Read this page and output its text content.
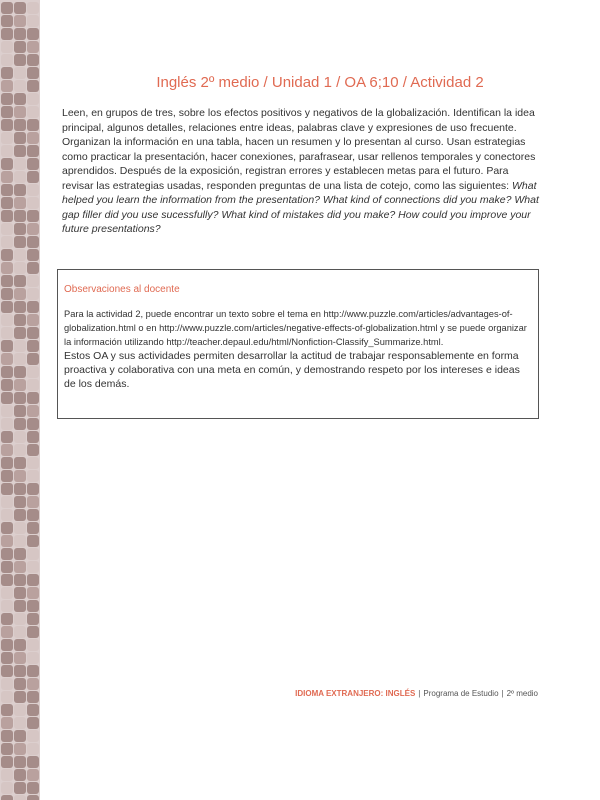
Inglés 2º medio / Unidad 1 / OA 6;10 / Actividad 2

Leen, en grupos de tres, sobre los efectos positivos y negativos de la globalización. Identifican la idea principal, algunos detalles, relaciones entre ideas, palabras clave y expresiones de uso frecuente. Organizan la información en una tabla, hacen un resumen y lo presentan al curso. Usan estrategias como practicar la presentación, hacer conexiones, parafrasear, usar rellenos temporales y conectores aprendidos. Después de la exposición, registran errores y establecen metas para el futuro. Para revisar las estrategias usadas, responden preguntas de una lista de cotejo, como las siguientes: What helped you learn the information from the presentation? What kind of connections did you make? What gap filler did you use sucessfully? What kind of mistakes did you make? How could you improve your future presentations?

Observaciones al docente

Para la actividad 2, puede encontrar un texto sobre el tema en http://www.puzzle.com/articles/advantages-of-globalization.html o en http://www.puzzle.com/articles/negative-effects-of-globalization.html y se puede organizar la información utilizando http://teacher.depaul.edu/html/Nonfiction-Classify_Summarize.html.

Estos OA y sus actividades permiten desarrollar la actitud de trabajar responsablemente en forma proactiva y colaborativa con una meta en común, y demostrando respeto por los intereses e ideas de los demás.

IDIOMA EXTRANJERO: INGLÉS | Programa de Estudio | 2º medio
